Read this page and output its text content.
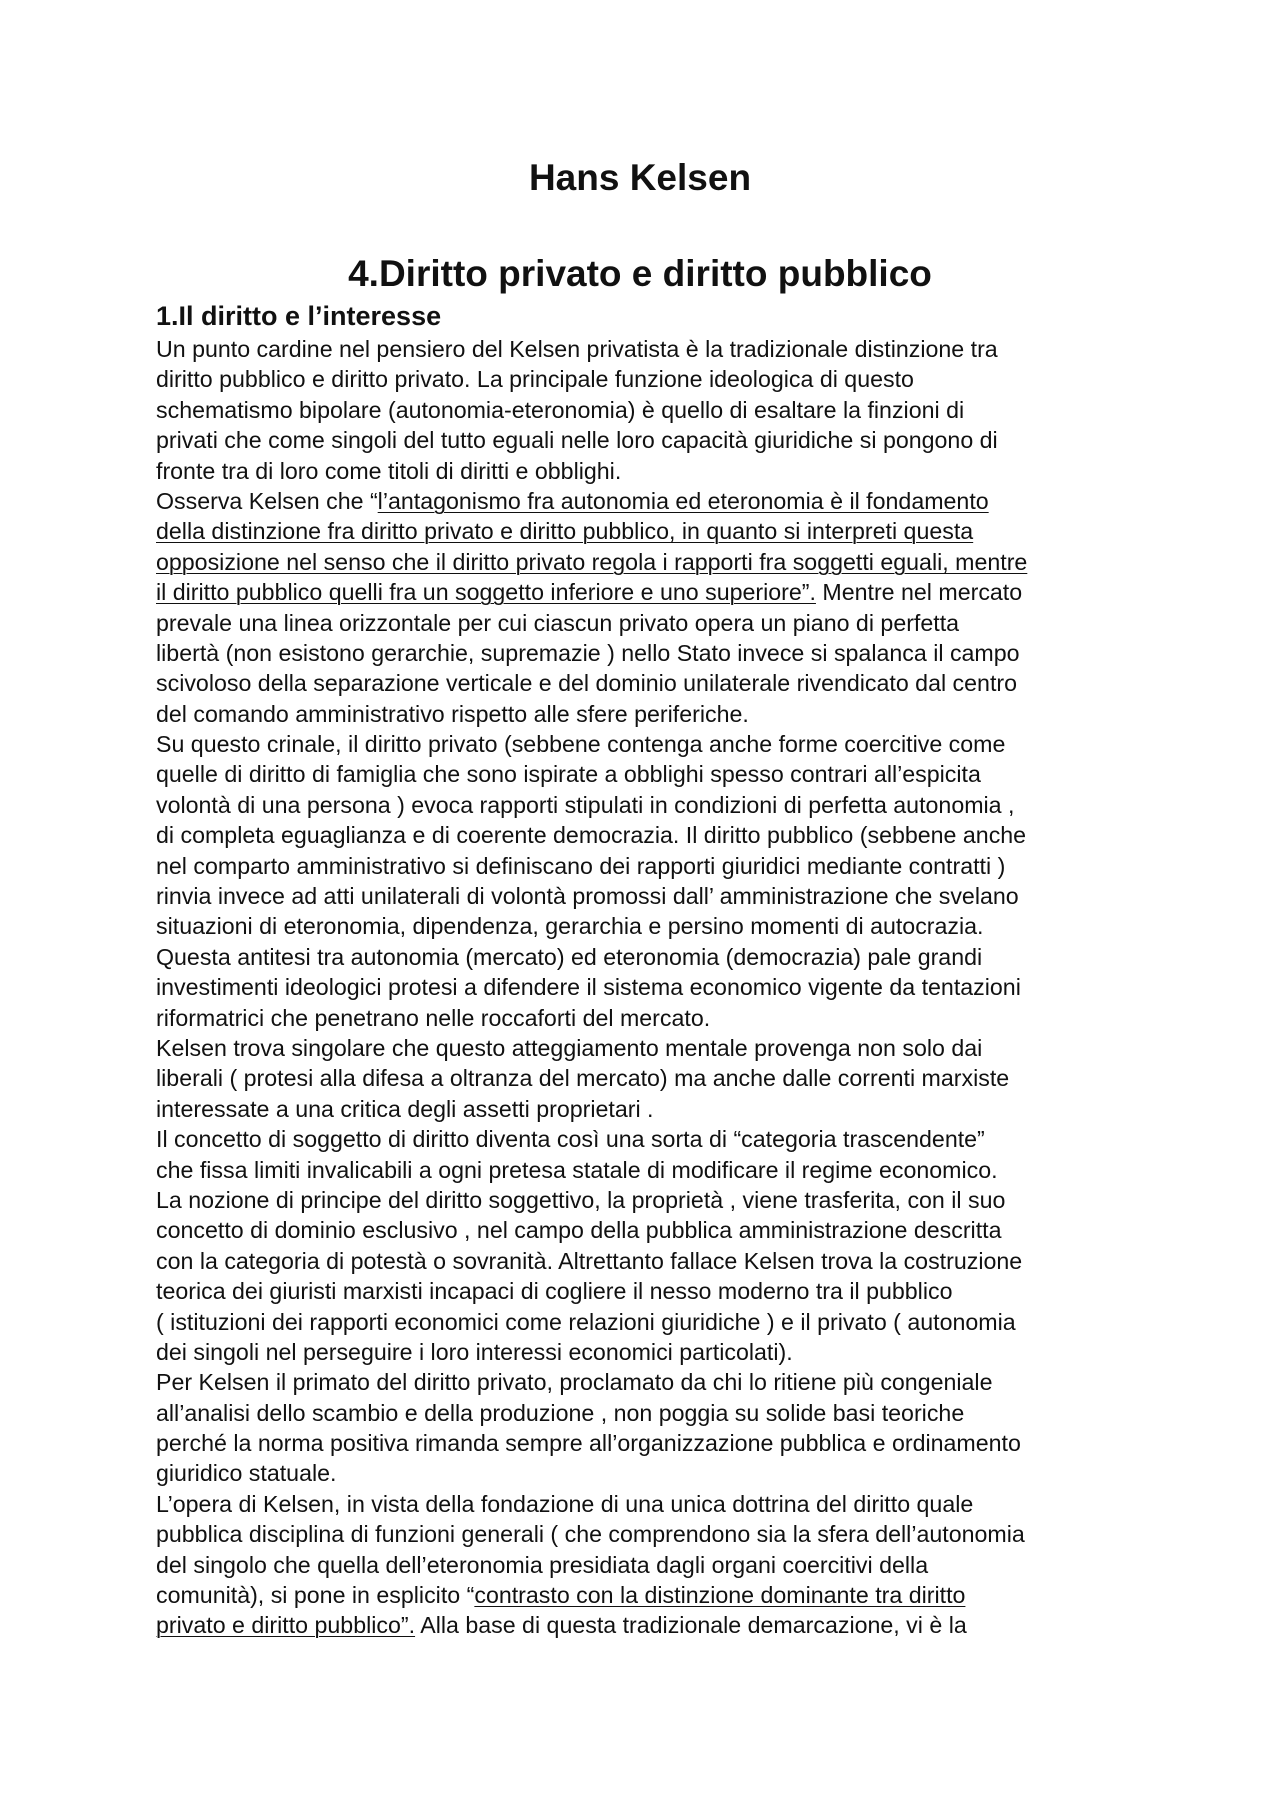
Hans Kelsen
4.Diritto privato e diritto pubblico
1.Il diritto e l’interesse
Un punto cardine nel pensiero del Kelsen privatista è la tradizionale distinzione tra
diritto pubblico e diritto privato. La principale funzione ideologica di questo
schematismo bipolare (autonomia-eteronomia) è quello di esaltare la finzioni di
privati che come singoli del tutto eguali nelle loro capacità giuridiche si pongono di
fronte tra di loro come titoli di diritti e obblighi.
Osserva Kelsen che “l’antagonismo fra autonomia ed eteronomia è il fondamento
della distinzione fra diritto privato e diritto pubblico, in quanto si interpreti questa
opposizione nel senso che il diritto privato regola i rapporti fra soggetti eguali, mentre
il diritto pubblico quelli fra un soggetto inferiore e uno superiore”. Mentre nel mercato
prevale una linea orizzontale per cui ciascun privato opera un piano di perfetta
libertà (non esistono gerarchie, supremazie ) nello Stato invece si spalanca il campo
scivoloso della separazione verticale e del dominio unilaterale rivendicato dal centro
del comando amministrativo rispetto alle sfere periferiche.
Su questo crinale, il diritto privato (sebbene contenga anche forme coercitive come
quelle di diritto di famiglia che sono ispirate a obblighi spesso contrari all’espicita
volontà di una persona ) evoca rapporti stipulati in condizioni di perfetta autonomia ,
di completa eguaglianza e di coerente democrazia. Il diritto pubblico (sebbene anche
nel comparto amministrativo si definiscano dei rapporti giuridici mediante contratti )
rinvia invece ad atti unilaterali di volontà promossi dall’ amministrazione che svelano
situazioni di eteronomia, dipendenza, gerarchia e persino momenti di autocrazia.
Questa antitesi tra autonomia (mercato) ed eteronomia (democrazia) pale grandi
investimenti ideologici protesi a difendere il sistema economico vigente da tentazioni
riformatrici che penetrano nelle roccaforti del mercato.
Kelsen trova singolare che questo atteggiamento mentale provenga non solo dai
liberali ( protesi alla difesa a oltranza del mercato) ma anche dalle correnti marxiste
interessate a una critica degli assetti proprietari .
Il concetto di soggetto di diritto diventa così una sorta di “categoria trascendente”
che fissa limiti invalicabili a ogni pretesa statale di modificare il regime economico.
La nozione di principe del diritto soggettivo, la proprietà , viene trasferita, con il suo
concetto di dominio esclusivo , nel campo della pubblica amministrazione descritta
con la categoria di potestà o sovranità. Altrettanto fallace Kelsen trova la costruzione
teorica dei giuristi marxisti incapaci di cogliere il nesso moderno tra il pubblico
( istituzioni dei rapporti economici come relazioni giuridiche ) e il privato ( autonomia
dei singoli nel perseguire i loro interessi economici particolati).
Per Kelsen il primato del diritto privato, proclamato da chi lo ritiene più congeniale
all’analisi dello scambio e della produzione , non poggia su solide basi teoriche
perché la norma positiva rimanda sempre all’organizzazione pubblica e ordinamento
giuridico statuale.
L’opera di Kelsen, in vista della fondazione di una unica dottrina del diritto quale
pubblica disciplina di funzioni generali ( che comprendono sia la sfera dell’autonomia
del singolo che quella dell’eteronomia presidiata dagli organi coercitivi della
comunità), si pone in esplicito “contrasto con la distinzione dominante tra diritto
privato e diritto pubblico”. Alla base di questa tradizionale demarcazione, vi è la
